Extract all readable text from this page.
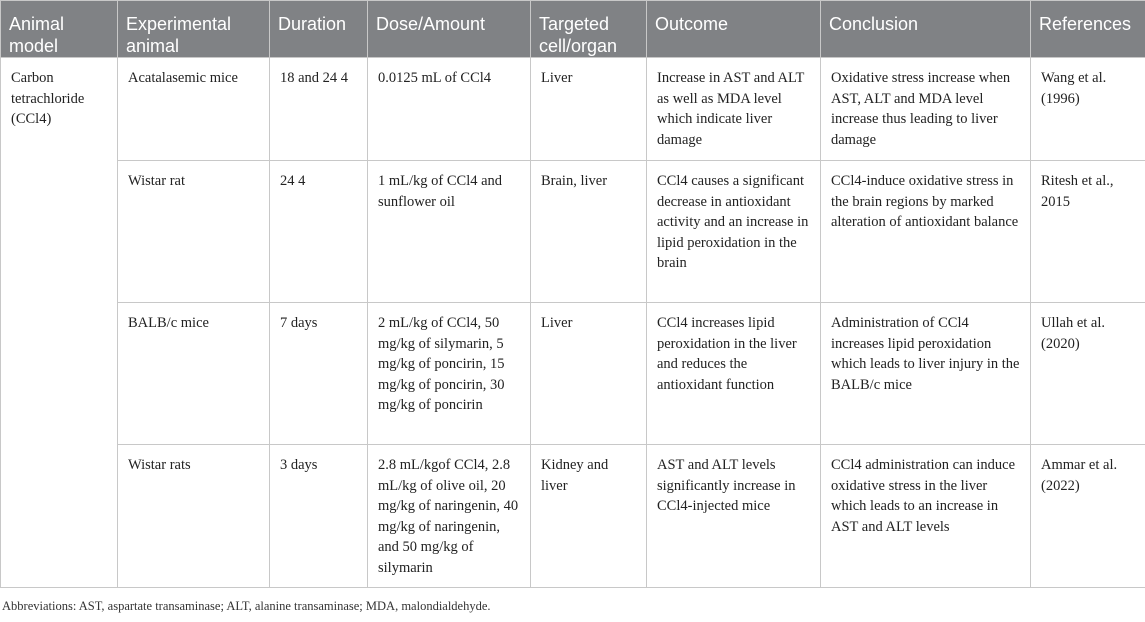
Animal model	Experimental animal	Duration	Dose/Amount	Targeted cell/organ	Outcome	Conclusion	References
Carbon tetrachloride (CCl4)	Acatalasemic mice	18 and 24 4	0.0125 mL of CCl4	Liver	Increase in AST and ALT as well as MDA level which indicate liver damage	Oxidative stress increase when AST, ALT and MDA level increase thus leading to liver damage	Wang et al. (1996)
	Wistar rat	24 4	1 mL/kg of CCl4 and sunflower oil	Brain, liver	CCl4 causes a significant decrease in antioxidant activity and an increase in lipid peroxidation in the brain	CCl4-induce oxidative stress in the brain regions by marked alteration of antioxidant balance	Ritesh et al., 2015
	BALB/c mice	7 days	2 mL/kg of CCl4, 50 mg/kg of silymarin, 5 mg/kg of poncirin, 15 mg/kg of poncirin, 30 mg/kg of poncirin	Liver	CCl4 increases lipid peroxidation in the liver and reduces the antioxidant function	Administration of CCl4 increases lipid peroxidation which leads to liver injury in the BALB/c mice	Ullah et al. (2020)
	Wistar rats	3 days	2.8 mL/kgof CCl4, 2.8 mL/kg of olive oil, 20 mg/kg of naringenin, 40 mg/kg of naringenin, and 50 mg/kg of silymarin	Kidney and liver	AST and ALT levels significantly increase in CCl4-injected mice	CCl4 administration can induce oxidative stress in the liver which leads to an increase in AST and ALT levels	Ammar et al. (2022)
Abbreviations: AST, aspartate transaminase; ALT, alanine transaminase; MDA, malondialdehyde.
